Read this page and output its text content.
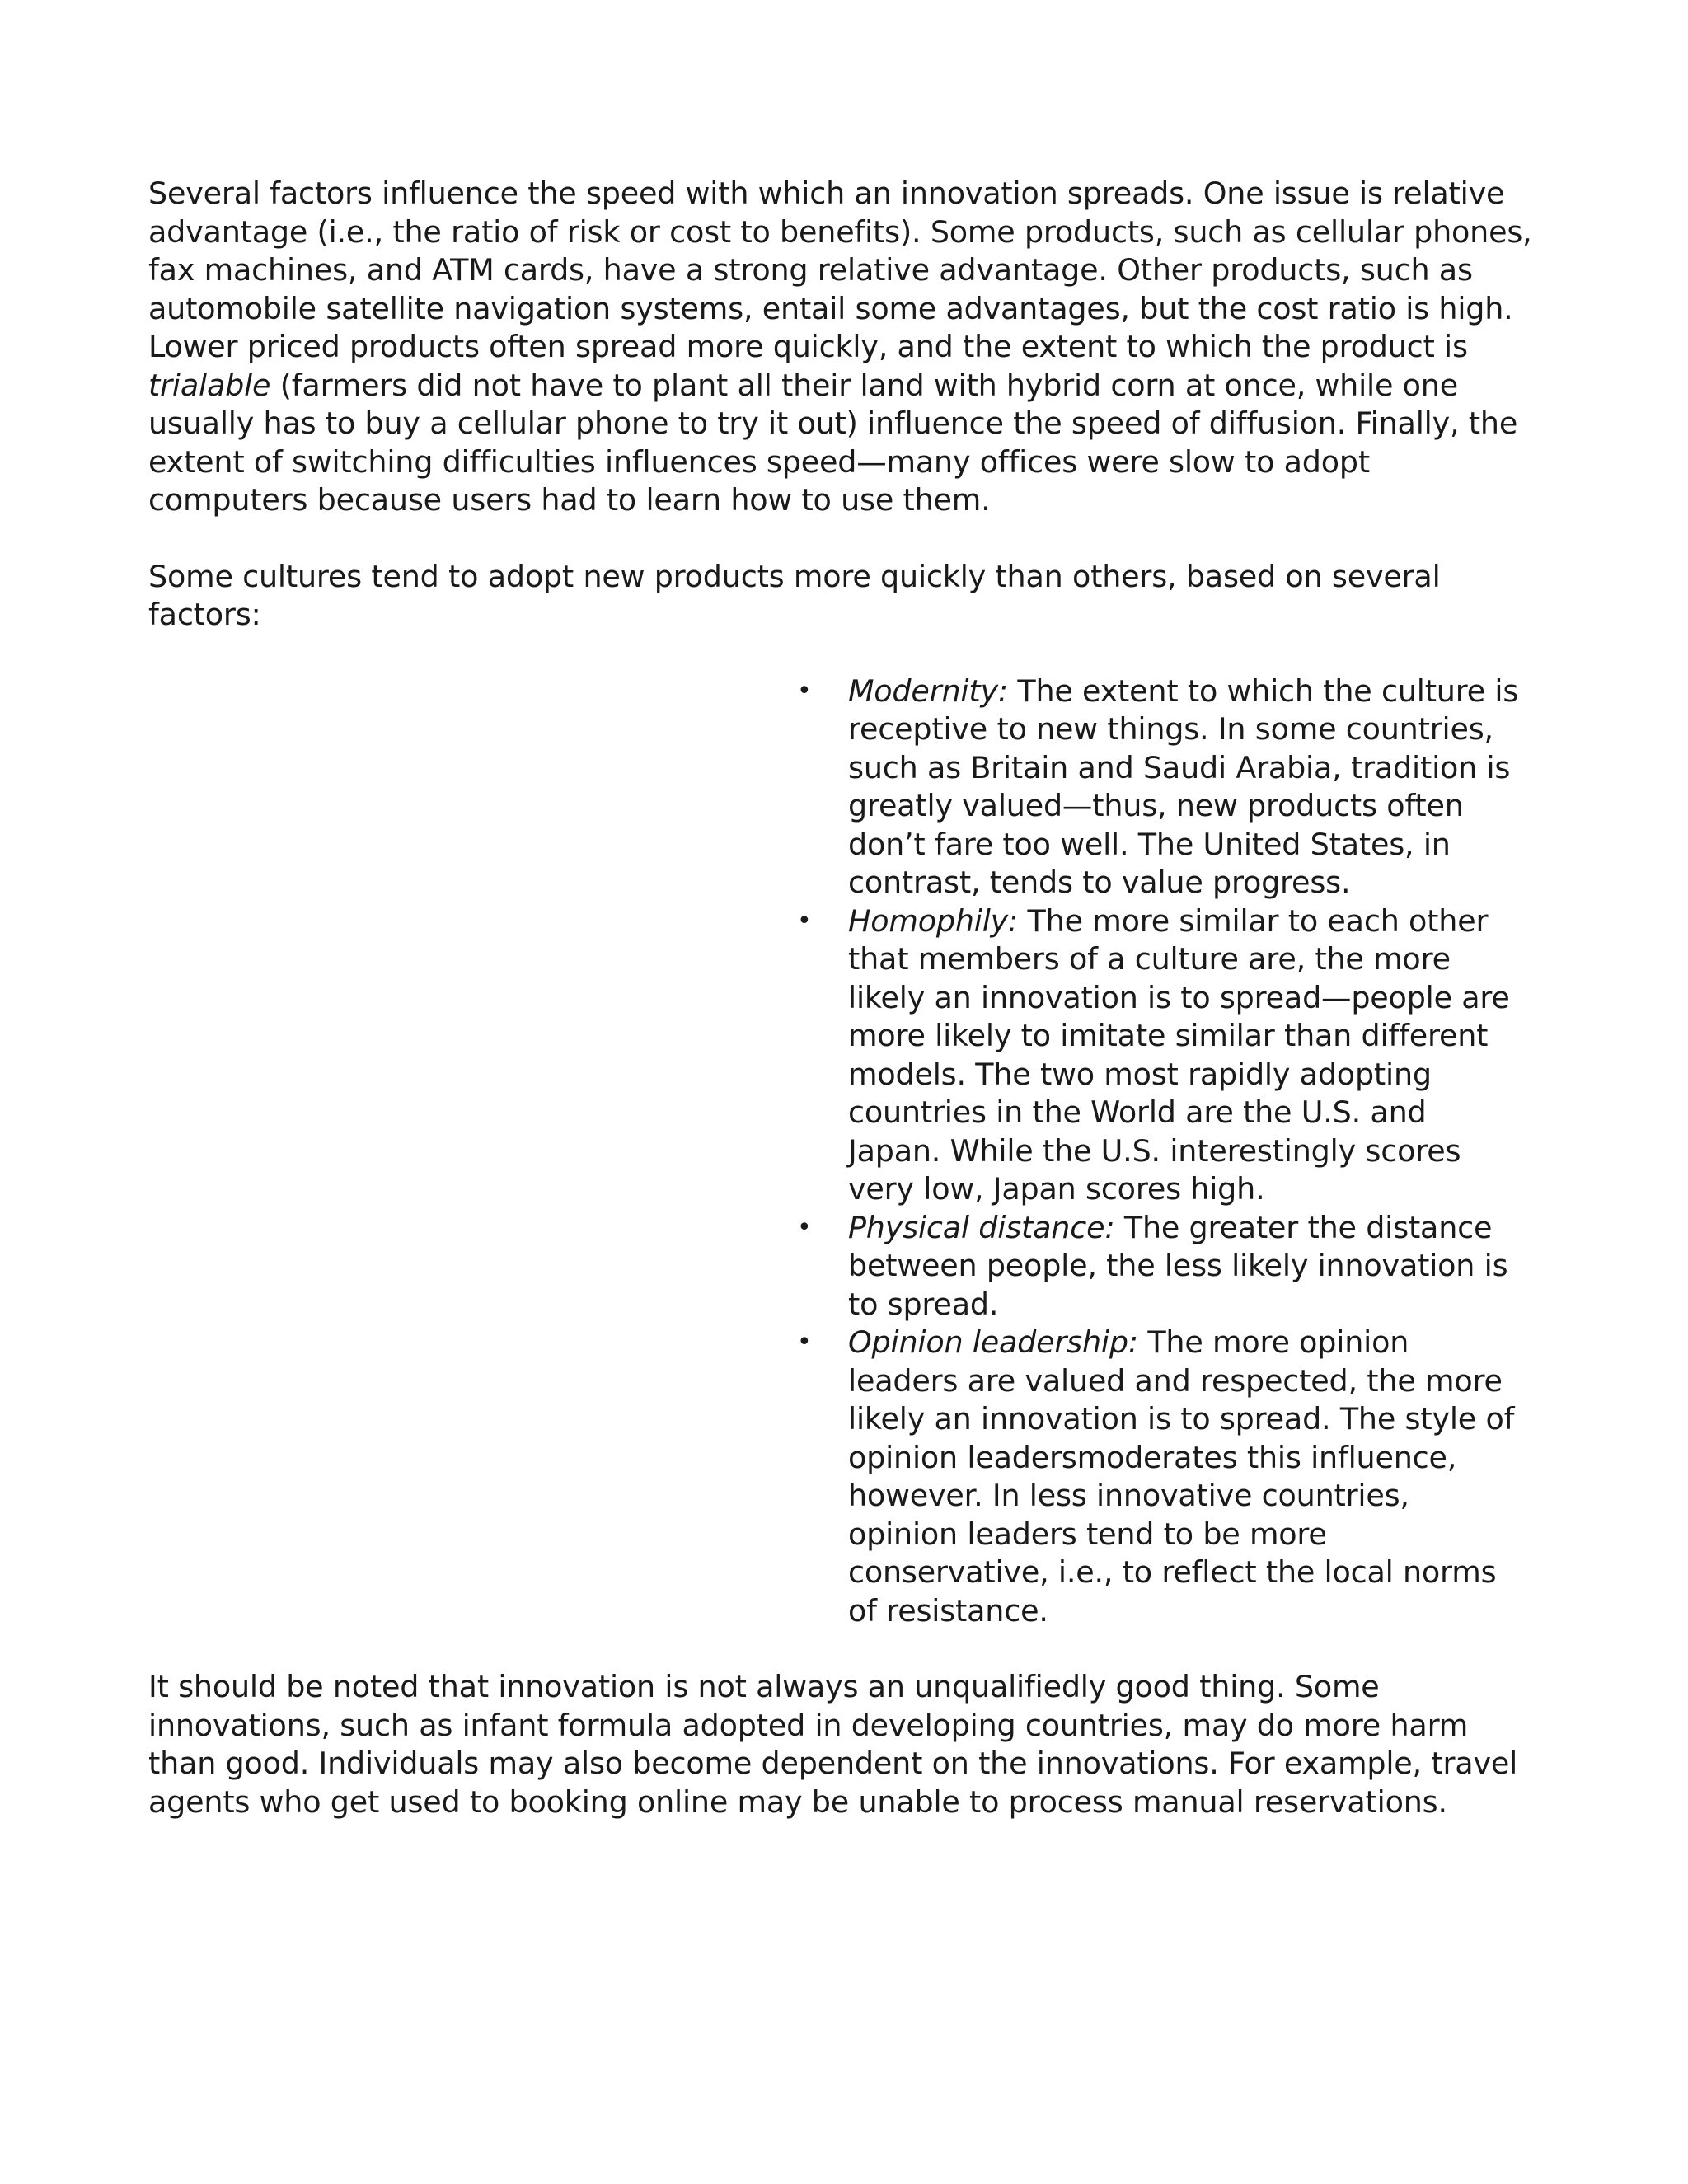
Several factors influence the speed with which an innovation spreads. One issue is relative advantage (i.e., the ratio of risk or cost to benefits). Some products, such as cellular phones, fax machines, and ATM cards, have a strong relative advantage. Other products, such as automobile satellite navigation systems, entail some advantages, but the cost ratio is high. Lower priced products often spread more quickly, and the extent to which the product is trialable (farmers did not have to plant all their land with hybrid corn at once, while one usually has to buy a cellular phone to try it out) influence the speed of diffusion. Finally, the extent of switching difficulties influences speed—many offices were slow to adopt computers because users had to learn how to use them.

Some cultures tend to adopt new products more quickly than others, based on several factors:

• Modernity: The extent to which the culture is receptive to new things. In some countries, such as Britain and Saudi Arabia, tradition is greatly valued—thus, new products often don’t fare too well. The United States, in contrast, tends to value progress.
• Homophily: The more similar to each other that members of a culture are, the more likely an innovation is to spread—people are more likely to imitate similar than different models. The two most rapidly adopting countries in the World are the U.S. and Japan. While the U.S. interestingly scores very low, Japan scores high.
• Physical distance: The greater the distance between people, the less likely innovation is to spread.
• Opinion leadership: The more opinion leaders are valued and respected, the more likely an innovation is to spread. The style of opinion leadersmoderates this influence, however. In less innovative countries, opinion leaders tend to be more conservative, i.e., to reflect the local norms of resistance.

It should be noted that innovation is not always an unqualifiedly good thing. Some innovations, such as infant formula adopted in developing countries, may do more harm than good. Individuals may also become dependent on the innovations. For example, travel agents who get used to booking online may be unable to process manual reservations.
